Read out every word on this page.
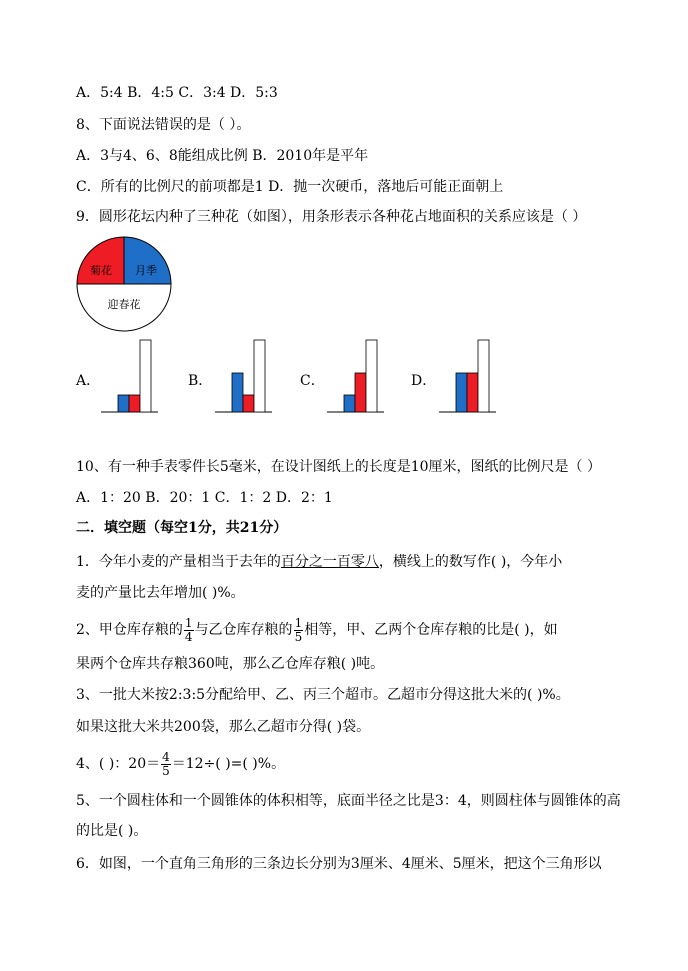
A．5:4 B．4:5 C．3:4 D．5:3
8、下面说法错误的是（ ）。
A．3与4、6、8能组成比例 B．2010年是平年
C．所有的比例尺的前项都是1 D．抛一次硬币，落地后可能正面朝上
9．圆形花坛内种了三种花（如图），用条形表示各种花占地面积的关系应该是（ ）
菊花 月季
迎春花
A．	B．	C．	D．
10、有一种手表零件长5毫米，在设计图纸上的长度是10厘米，图纸的比例尺是（ ）
A．1：20 B．20：1 C．1：2 D．2：1
二．填空题（每空1分，共21分）
1．今年小麦的产量相当于去年的百分之一百零八，横线上的数写作( )，今年小
麦的产量比去年增加( )%。
2、甲仓库存粮的 $\frac{1}{4}$ 与乙仓库存粮的 $\frac{1}{5}$ 相等，甲、乙两个仓库存粮的比是( )，如
果两个仓库共存粮360吨，那么乙仓库存粮( )吨。
3、一批大米按2:3:5分配给甲、乙、丙三个超市。乙超市分得这批大米的( )%。
如果这批大米共200袋，那么乙超市分得( )袋。
4、( )：$20= \frac{4}{5} =12\div$( )=( )%。
5、一个圆柱体和一个圆锥体的体积相等，底面半径之比是3：4，则圆柱体与圆锥体的高
的比是( )。
6．如图，一个直角三角形的三条边长分别为3厘米、4厘米、5厘米，把这个三角形以
